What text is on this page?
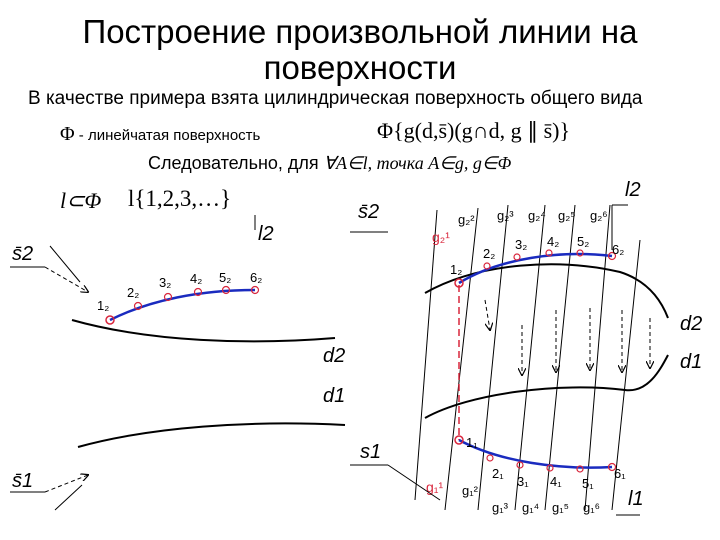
Построение произвольной линии на
поверхности
В качестве примера взята цилиндрическая поверхность общего вида
Φ - линейчатая поверхность	Φ{g(d,s̄)(g∩d, g ∥ s̄)}
Следовательно, для ∀A∈l, точка A∈g, g∈Φ
l⊂Φ l{1,2,3,…}
s̄2
l2
1₂
2₂
3₂ 4₂ 5₂ 6₂
d2
d1
s̄1
s̄2
l2
d2
d1
1₂
2₂
3₂ 4₂ 5₂
6₂
1₁
2₁
3₁ 4₁ 5₁
6₁
g₂¹
g₂² g₂³ g₂⁴ g₂⁵ g₂⁶
g₁¹ g₁²
g₁³ g₁⁴ g₁⁵ g₁⁶
s1
l1
